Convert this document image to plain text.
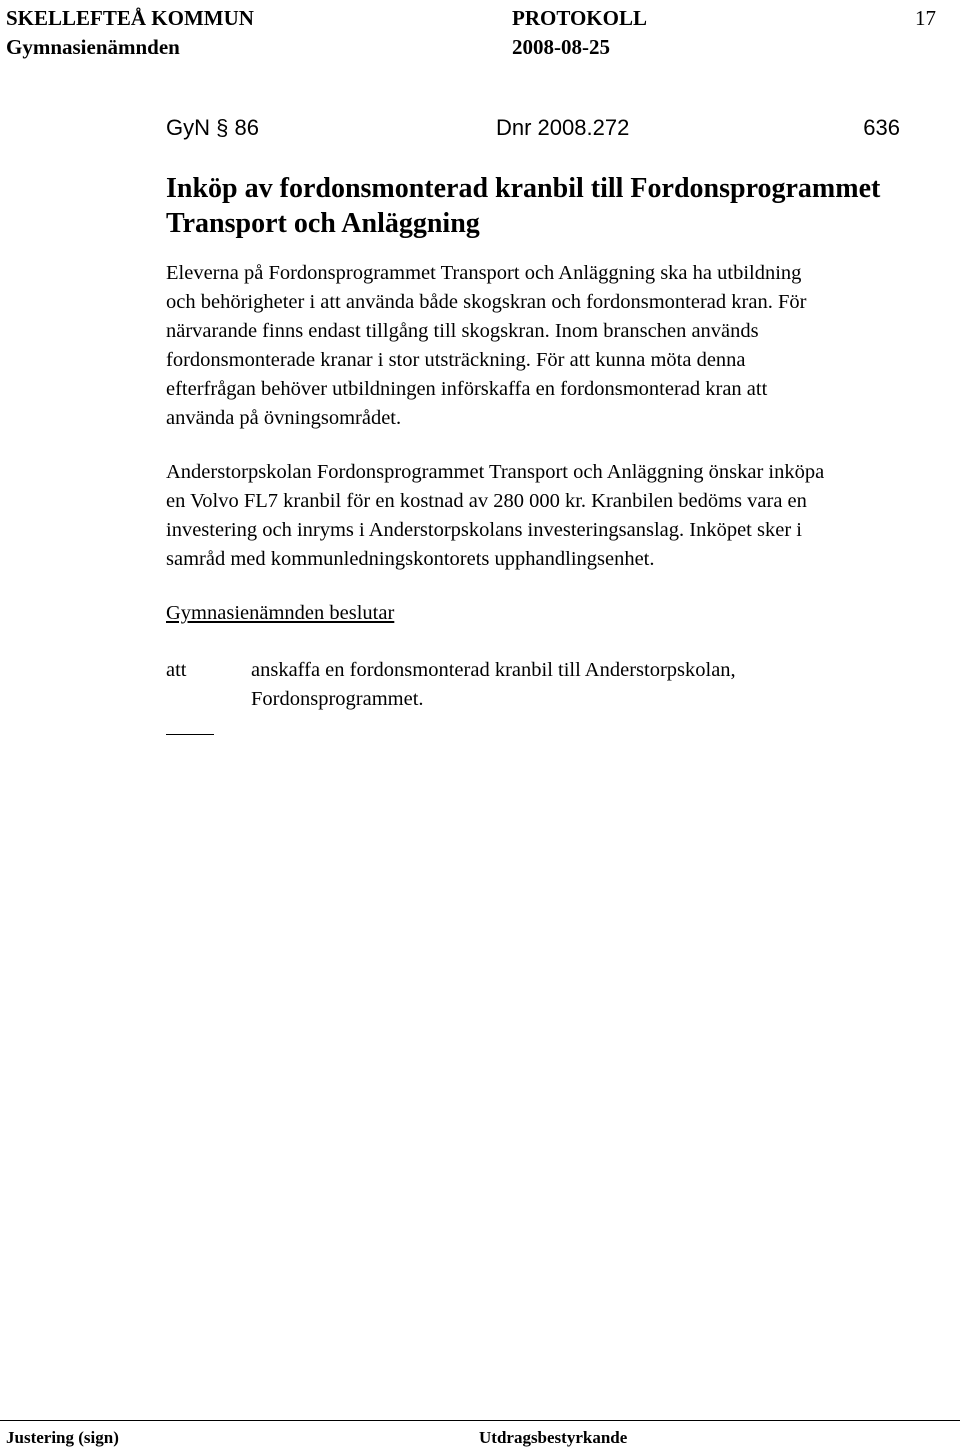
SKELLEFTEÅ KOMMUN	PROTOKOLL	17
Gymnasienämnden	2008-08-25
GyN § 86	Dnr 2008.272	636
Inköp av fordonsmonterad kranbil till Fordonsprogrammet
Transport och Anläggning
Eleverna på Fordonsprogrammet Transport och Anläggning ska ha utbildning
och behörigheter i att använda både skogskran och fordonsmonterad kran. För
närvarande finns endast tillgång till skogskran. Inom branschen används
fordonsmonterade kranar i stor utsträckning. För att kunna möta denna
efterfrågan behöver utbildningen införskaffa en fordonsmonterad kran att
använda på övningsområdet.
Anderstorpskolan Fordonsprogrammet Transport och Anläggning önskar inköpa
en Volvo FL7 kranbil för en kostnad av 280 000 kr. Kranbilen bedöms vara en
investering och inryms i Anderstorpskolans investeringsanslag. Inköpet sker i
samråd med kommunledningskontorets upphandlingsenhet.
Gymnasienämnden beslutar
att	anskaffa en fordonsmonterad kranbil till Anderstorpskolan,
Fordonsprogrammet.
Justering (sign)	Utdragsbestyrkande
